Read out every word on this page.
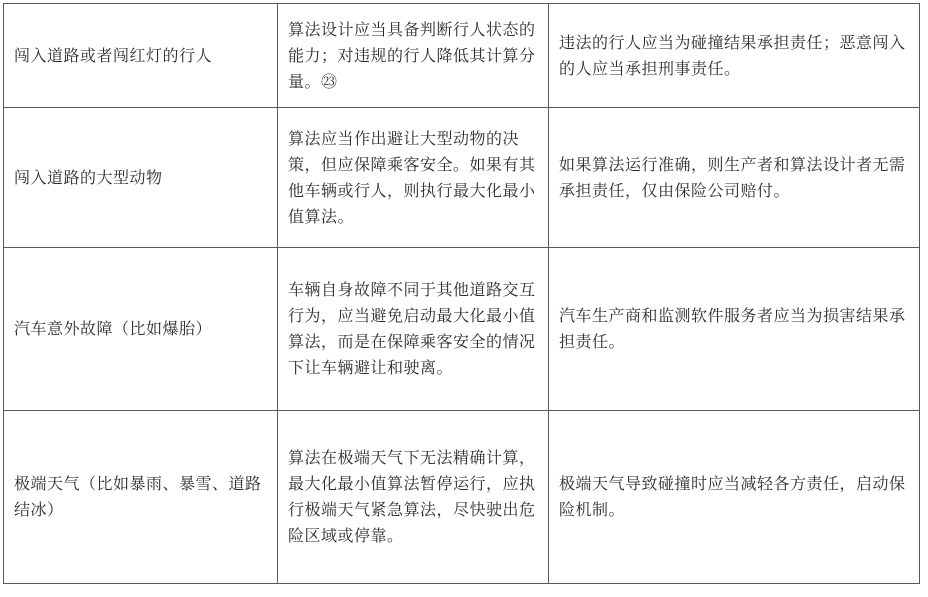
闯入道路或者闯红灯的行人	算法设计应当具备判断行人状态的能力；对违规的行人降低其计算分量。㉓	违法的行人应当为碰撞结果承担责任；恶意闯入的人应当承担刑事责任。
闯入道路的大型动物	算法应当作出避让大型动物的决策，但应保障乘客安全。如果有其他车辆或行人，则执行最大化最小值算法。	如果算法运行准确，则生产者和算法设计者无需承担责任，仅由保险公司赔付。
汽车意外故障（比如爆胎）	车辆自身故障不同于其他道路交互行为，应当避免启动最大化最小值算法，而是在保障乘客安全的情况下让车辆避让和驶离。	汽车生产商和监测软件服务者应当为损害结果承担责任。
极端天气（比如暴雨、暴雪、道路结冰）	算法在极端天气下无法精确计算，最大化最小值算法暂停运行，应执行极端天气紧急算法，尽快驶出危险区域或停靠。	极端天气导致碰撞时应当减轻各方责任，启动保险机制。
